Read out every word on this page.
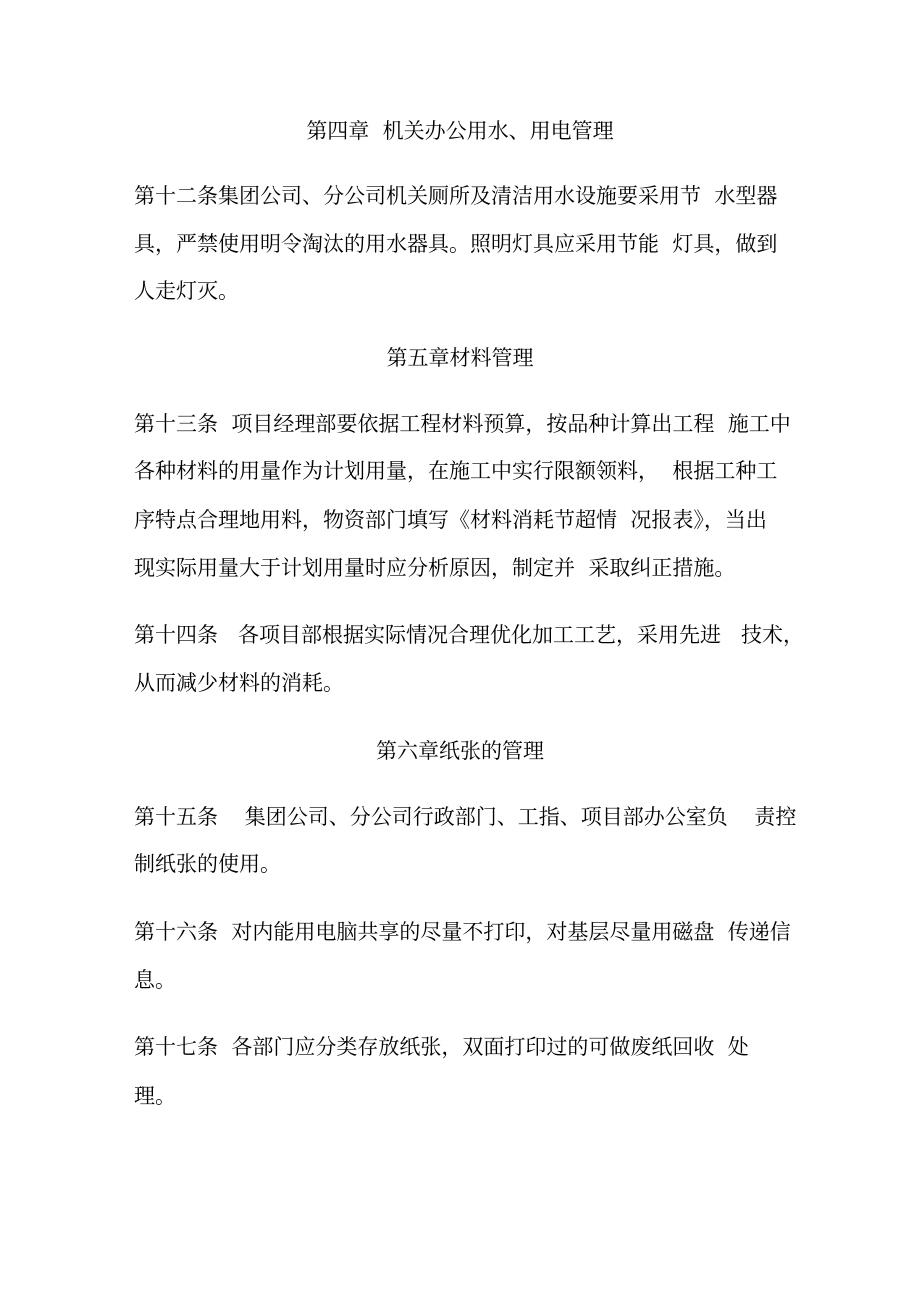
第四章  机关办公用水、用电管理
第十二条集团公司、分公司机关厕所及清洁用水设施要采用节  水型器
具，严禁使用明令淘汰的用水器具。照明灯具应采用节能  灯具，做到
人走灯灭。
第五章材料管理
第十三条  项目经理部要依据工程材料预算，按品种计算出工程  施工中
各种材料的用量作为计划用量，在施工中实行限额领料，  根据工种工
序特点合理地用料，物资部门填写《材料消耗节超情  况报表》，当出
现实际用量大于计划用量时应分析原因，制定并  采取纠正措施。
第十四条   各项目部根据实际情况合理优化加工工艺，采用先进   技术，
从而减少材料的消耗。
第六章纸张的管理
第十五条    集团公司、分公司行政部门、工指、项目部办公室负    责控
制纸张的使用。
第十六条  对内能用电脑共享的尽量不打印，对基层尽量用磁盘  传递信
息。
第十七条  各部门应分类存放纸张，双面打印过的可做废纸回收  处
理。
